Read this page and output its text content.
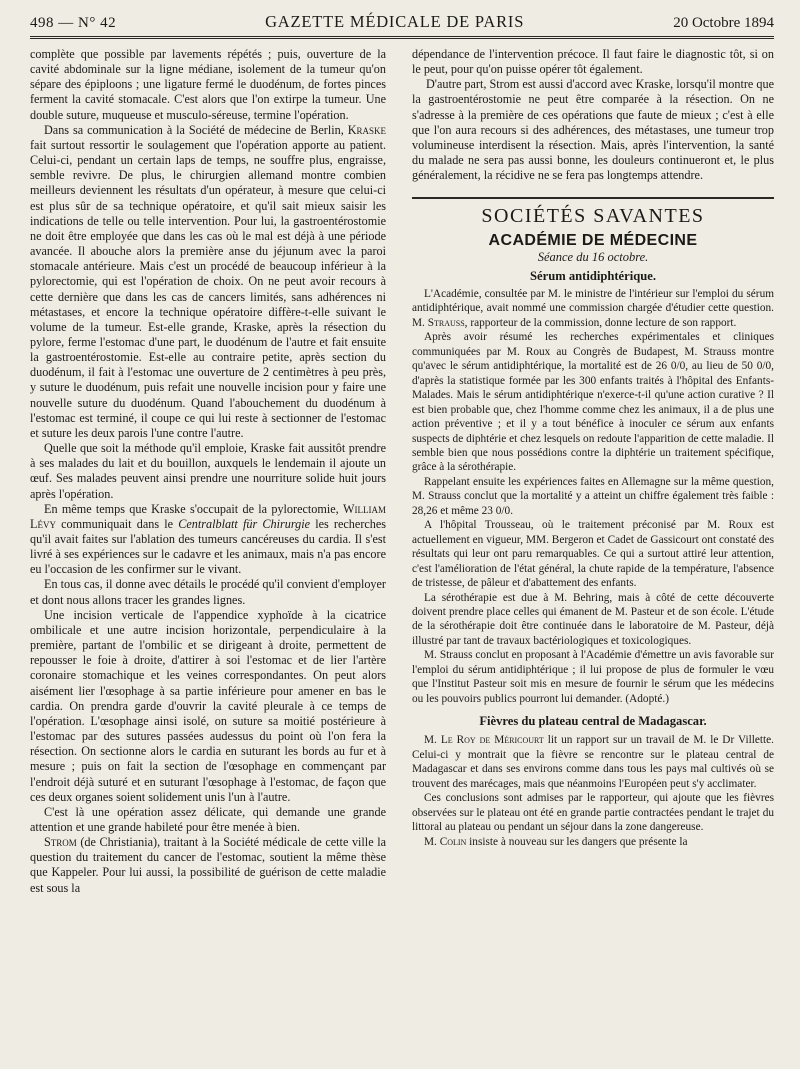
498 — N° 42	GAZETTE MÉDICALE DE PARIS	20 Octobre 1894

complète que possible par lavements répétés ; puis, ouverture de la cavité abdominale sur la ligne médiane, isolement de la tumeur qu'on sépare des épiploons ; une ligature fermé le duodénum, de fortes pinces ferment la cavité stomacale. C'est alors que l'on extirpe la tumeur. Une double suture, muqueuse et musculo-séreuse, termine l'opération.

Dans sa communication à la Société de médecine de Berlin, Kraske fait surtout ressortir le soulagement que l'opération apporte au patient. Celui-ci, pendant un certain laps de temps, ne souffre plus, engraisse, semble revivre. De plus, le chirurgien allemand montre combien meilleurs deviennent les résultats d'un opérateur, à mesure que celui-ci est plus sûr de sa technique opératoire, et qu'il sait mieux saisir les indications de telle ou telle intervention. Pour lui, la gastroentérostomie ne doit être employée que dans les cas où le mal est déjà à une période avancée. Il abouche alors la première anse du jéjunum avec la paroi stomacale antérieure. Mais c'est un procédé de beaucoup inférieur à la pylorectomie, qui est l'opération de choix. On ne peut avoir recours à cette dernière que dans les cas de cancers limités, sans adhérences ni métastases, et encore la technique opératoire diffère-t-elle suivant le volume de la tumeur. Est-elle grande, Kraske, après la résection du pylore, ferme l'estomac d'une part, le duodénum de l'autre et fait ensuite la gastroentérostomie. Est-elle au contraire petite, après section du duodénum, il fait à l'estomac une ouverture de 2 centimètres à peu près, y suture le duodénum, puis refait une nouvelle incision pour y faire une nouvelle suture du duodénum. Quand l'abouchement du duodénum à l'estomac est terminé, il coupe ce qui lui reste à sectionner de l'estomac et suture les deux parois l'une contre l'autre.

Quelle que soit la méthode qu'il emploie, Kraske fait aussitôt prendre à ses malades du lait et du bouillon, auxquels le lendemain il ajoute un œuf. Ses malades peuvent ainsi prendre une nourriture solide huit jours après l'opération.

En même temps que Kraske s'occupait de la pylorectomie, William Lévy communiquait dans le Centralblatt für Chirurgie les recherches qu'il avait faites sur l'ablation des tumeurs cancéreuses du cardia. Il s'est livré à ses expériences sur le cadavre et les animaux, mais n'a pas encore eu l'occasion de les confirmer sur le vivant.

En tous cas, il donne avec détails le procédé qu'il convient d'employer et dont nous allons tracer les grandes lignes.

Une incision verticale de l'appendice xyphoïde à la cicatrice ombilicale et une autre incision horizontale, perpendiculaire à la première, partant de l'ombilic et se dirigeant à droite, permettent de repousser le foie à droite, d'attirer à soi l'estomac et de lier l'artère coronaire stomachique et les veines correspondantes. On peut alors aisément lier l'œsophage à sa partie inférieure pour amener en bas le cardia. On prendra garde d'ouvrir la cavité pleurale à ce temps de l'opération. L'œsophage ainsi isolé, on suture sa moitié postérieure à l'estomac par des sutures passées audessus du point où l'on fera la résection. On sectionne alors le cardia en suturant les bords au fur et à mesure ; puis on fait la section de l'œsophage en commençant par l'endroit déjà suturé et en suturant l'œsophage à l'estomac, de façon que ces deux organes soient solidement unis l'un à l'autre.

C'est là une opération assez délicate, qui demande une grande attention et une grande habileté pour être menée à bien.

Strom (de Christiania), traitant à la Société médicale de cette ville la question du traitement du cancer de l'estomac, soutient la même thèse que Kappeler. Pour lui aussi, la possibilité de guérison de cette maladie est sous la

dépendance de l'intervention précoce. Il faut faire le diagnostic tôt, si on le peut, pour qu'on puisse opérer tôt également.

D'autre part, Strom est aussi d'accord avec Kraske, lorsqu'il montre que la gastroentérostomie ne peut être comparée à la résection. On ne s'adresse à la première de ces opérations que faute de mieux ; c'est à elle que l'on aura recours si des adhérences, des métastases, une tumeur trop volumineuse interdisent la résection. Mais, après l'intervention, la santé du malade ne sera pas aussi bonne, les douleurs continueront et, le plus généralement, la récidive ne se fera pas longtemps attendre.

SOCIÉTÉS SAVANTES
ACADÉMIE DE MÉDECINE
Séance du 16 octobre.
Sérum antidiphtérique.

L'Académie, consultée par M. le ministre de l'intérieur sur l'emploi du sérum antidiphtérique, avait nommé une commission chargée d'étudier cette question. M. Strauss, rapporteur de la commission, donne lecture de son rapport.

Après avoir résumé les recherches expérimentales et cliniques communiquées par M. Roux au Congrès de Budapest, M. Strauss montre qu'avec le sérum antidiphtérique, la mortalité est de 26 0/0, au lieu de 50 0/0, d'après la statistique formée par les 300 enfants traités à l'hôpital des Enfants-Malades. Mais le sérum antidiphtérique n'exerce-t-il qu'une action curative ? Il est bien probable que, chez l'homme comme chez les animaux, il a de plus une action préventive ; et il y a tout bénéfice à inoculer ce sérum aux enfants suspects de diphtérie et chez lesquels on redoute l'apparition de cette maladie. Il semble bien que nous possédions contre la diphtérie un traitement spécifique, grâce à la sérothérapie.

Rappelant ensuite les expériences faites en Allemagne sur la même question, M. Strauss conclut que la mortalité y a atteint un chiffre également très faible : 28,26 et même 23 0/0.

A l'hôpital Trousseau, où le traitement préconisé par M. Roux est actuellement en vigueur, MM. Bergeron et Cadet de Gassicourt ont constaté des résultats qui leur ont paru remarquables. Ce qui a surtout attiré leur attention, c'est l'amélioration de l'état général, la chute rapide de la température, l'absence de tristesse, de pâleur et d'abattement des enfants.

La sérothérapie est due à M. Behring, mais à côté de cette découverte doivent prendre place celles qui émanent de M. Pasteur et de son école. L'étude de la sérothérapie doit être continuée dans le laboratoire de M. Pasteur, déjà illustré par tant de travaux bactériologiques et toxicologiques.

M. Strauss conclut en proposant à l'Académie d'émettre un avis favorable sur l'emploi du sérum antidiphtérique ; il lui propose de plus de formuler le vœu que l'Institut Pasteur soit mis en mesure de fournir le sérum que les médecins ou les pouvoirs publics pourront lui demander. (Adopté.)

Fièvres du plateau central de Madagascar.

M. Le Roy de Méricourt lit un rapport sur un travail de M. le Dr Villette. Celui-ci y montrait que la fièvre se rencontre sur le plateau central de Madagascar et dans ses environs comme dans tous les pays mal cultivés où se trouvent des marécages, mais que néanmoins l'Européen peut s'y acclimater.

Ces conclusions sont admises par le rapporteur, qui ajoute que les fièvres observées sur le plateau ont été en grande partie contractées pendant le trajet du littoral au plateau ou pendant un séjour dans la zone dangereuse.

M. Colin insiste à nouveau sur les dangers que présente la
